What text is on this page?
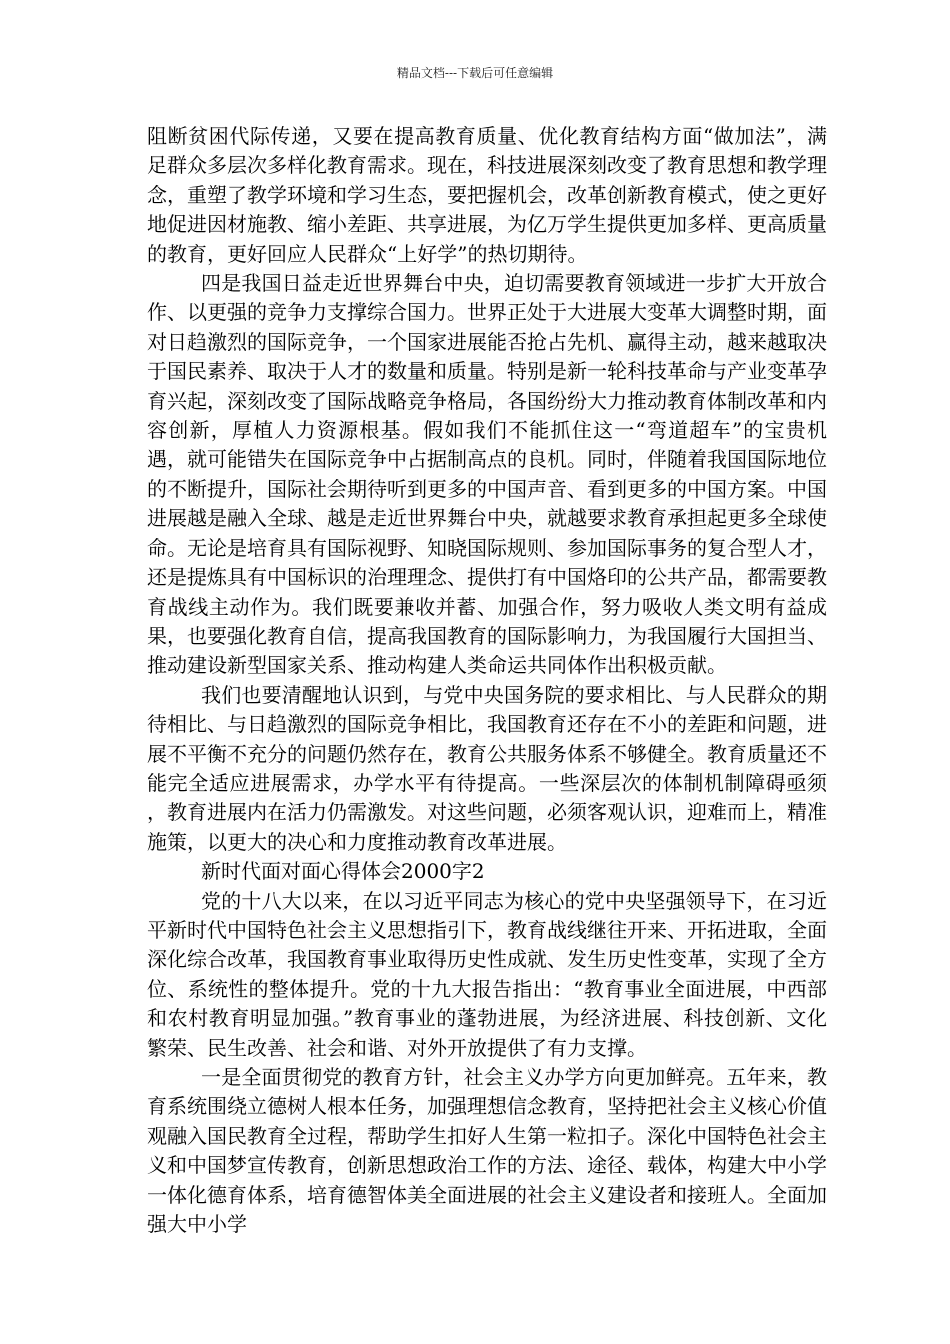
精品文档---下载后可任意编辑

阻断贫困代际传递，又要在提高教育质量、优化教育结构方面“做加法”，满足群众多层次多样化教育需求。现在，科技进展深刻改变了教育思想和教学理念，重塑了教学环境和学习生态，要把握机会，改革创新教育模式，使之更好地促进因材施教、缩小差距、共享进展，为亿万学生提供更加多样、更高质量的教育，更好回应人民群众“上好学”的热切期待。

四是我国日益走近世界舞台中央，迫切需要教育领域进一步扩大开放合作、以更强的竞争力支撑综合国力。世界正处于大进展大变革大调整时期，面对日趋激烈的国际竞争，一个国家进展能否抢占先机、赢得主动，越来越取决于国民素养、取决于人才的数量和质量。特别是新一轮科技革命与产业变革孕育兴起，深刻改变了国际战略竞争格局，各国纷纷大力推动教育体制改革和内容创新，厚植人力资源根基。假如我们不能抓住这一“弯道超车”的宝贵机遇，就可能错失在国际竞争中占据制高点的良机。同时，伴随着我国国际地位的不断提升，国际社会期待听到更多的中国声音、看到更多的中国方案。中国进展越是融入全球、越是走近世界舞台中央，就越要求教育承担起更多全球使命。无论是培育具有国际视野、知晓国际规则、参加国际事务的复合型人才，还是提炼具有中国标识的治理理念、提供打有中国烙印的公共产品，都需要教育战线主动作为。我们既要兼收并蓄、加强合作，努力吸收人类文明有益成果，也要强化教育自信，提高我国教育的国际影响力，为我国履行大国担当、推动建设新型国家关系、推动构建人类命运共同体作出积极贡献。

我们也要清醒地认识到，与党中央国务院的要求相比、与人民群众的期待相比、与日趋激烈的国际竞争相比，我国教育还存在不小的差距和问题，进展不平衡不充分的问题仍然存在，教育公共服务体系不够健全。教育质量还不能完全适应进展需求，办学水平有待提高。一些深层次的体制机制障碍亟须 ，教育进展内在活力仍需激发。对这些问题，必须客观认识，迎难而上，精准施策，以更大的决心和力度推动教育改革进展。

新时代面对面心得体会2000字2

党的十八大以来，在以习近平同志为核心的党中央坚强领导下，在习近平新时代中国特色社会主义思想指引下，教育战线继往开来、开拓进取，全面深化综合改革，我国教育事业取得历史性成就、发生历史性变革，实现了全方位、系统性的整体提升。党的十九大报告指出：“教育事业全面进展，中西部和农村教育明显加强。”教育事业的蓬勃进展，为经济进展、科技创新、文化繁荣、民生改善、社会和谐、对外开放提供了有力支撑。

一是全面贯彻党的教育方针，社会主义办学方向更加鲜亮。五年来，教育系统围绕立德树人根本任务，加强理想信念教育，坚持把社会主义核心价值观融入国民教育全过程，帮助学生扣好人生第一粒扣子。深化中国特色社会主义和中国梦宣传教育，创新思想政治工作的方法、途径、载体，构建大中小学一体化德育体系，培育德智体美全面进展的社会主义建设者和接班人。全面加强大中小学
